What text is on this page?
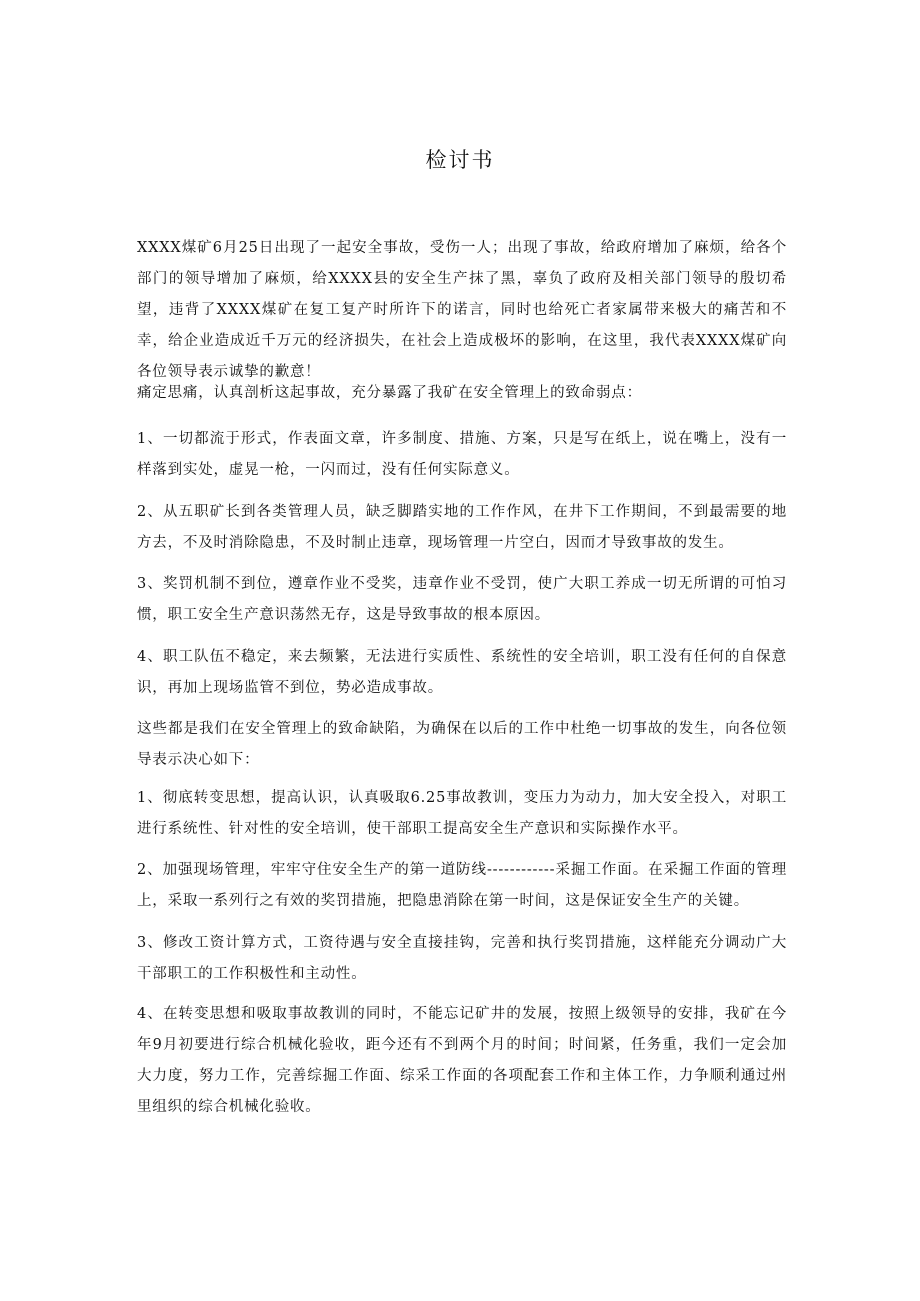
检讨书

XXXX煤矿6月25日出现了一起安全事故，受伤一人；出现了事故，给政府增加了麻烦，给各个部门的领导增加了麻烦，给XXXX县的安全生产抹了黑，辜负了政府及相关部门领导的殷切希望，违背了XXXX煤矿在复工复产时所许下的诺言，同时也给死亡者家属带来极大的痛苦和不幸，给企业造成近千万元的经济损失，在社会上造成极坏的影响，在这里，我代表XXXX煤矿向各位领导表示诚挚的歉意！

痛定思痛，认真剖析这起事故，充分暴露了我矿在安全管理上的致命弱点：

1、一切都流于形式，作表面文章，许多制度、措施、方案，只是写在纸上，说在嘴上，没有一样落到实处，虚晃一枪，一闪而过，没有任何实际意义。

2、从五职矿长到各类管理人员，缺乏脚踏实地的工作作风，在井下工作期间，不到最需要的地方去，不及时消除隐患，不及时制止违章，现场管理一片空白，因而才导致事故的发生。

3、奖罚机制不到位，遵章作业不受奖，违章作业不受罚，使广大职工养成一切无所谓的可怕习惯，职工安全生产意识荡然无存，这是导致事故的根本原因。

4、职工队伍不稳定，来去频繁，无法进行实质性、系统性的安全培训，职工没有任何的自保意识，再加上现场监管不到位，势必造成事故。

这些都是我们在安全管理上的致命缺陷，为确保在以后的工作中杜绝一切事故的发生，向各位领导表示决心如下：

1、彻底转变思想，提高认识，认真吸取6.25事故教训，变压力为动力，加大安全投入，对职工进行系统性、针对性的安全培训，使干部职工提高安全生产意识和实际操作水平。

2、加强现场管理，牢牢守住安全生产的第一道防线------------采掘工作面。在采掘工作面的管理上，采取一系列行之有效的奖罚措施，把隐患消除在第一时间，这是保证安全生产的关键。

3、修改工资计算方式，工资待遇与安全直接挂钩，完善和执行奖罚措施，这样能充分调动广大干部职工的工作积极性和主动性。

4、在转变思想和吸取事故教训的同时，不能忘记矿井的发展，按照上级领导的安排，我矿在今年9月初要进行综合机械化验收，距今还有不到两个月的时间；时间紧，任务重，我们一定会加大力度，努力工作，完善综掘工作面、综采工作面的各项配套工作和主体工作，力争顺利通过州里组织的综合机械化验收。
